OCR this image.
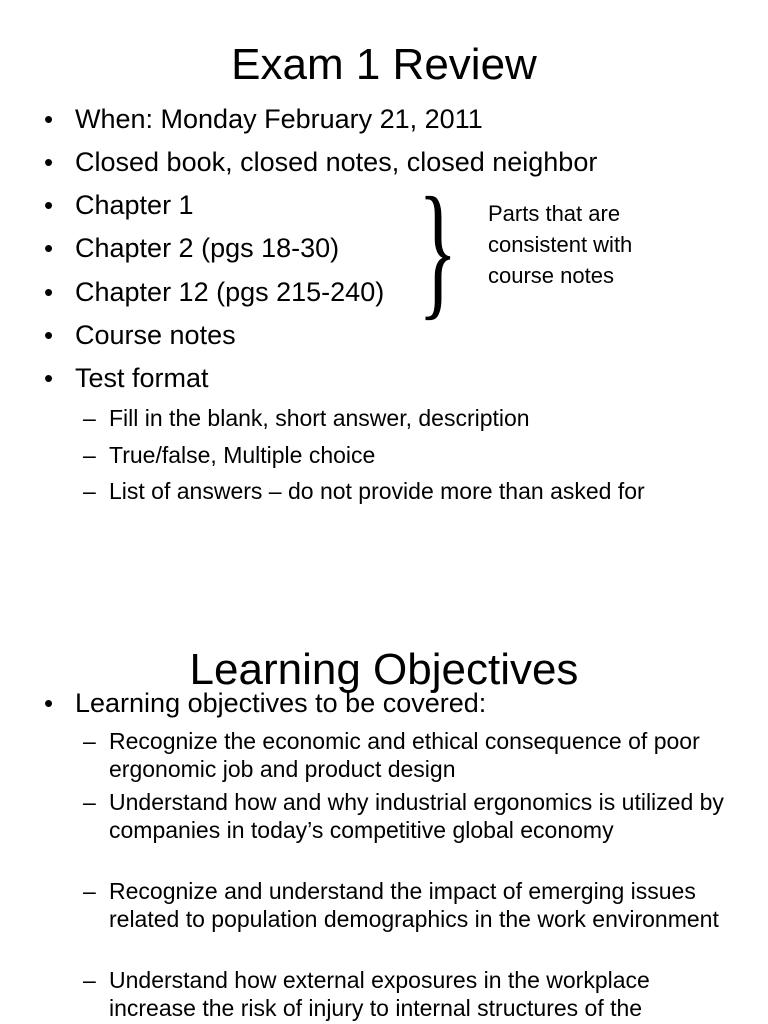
Exam 1 Review
• When: Monday February 21, 2011
• Closed book, closed notes, closed neighbor
• Chapter 1
• Chapter 2 (pgs 18-30)
• Chapter 12 (pgs 215-240)
• Course notes
• Test format
– Fill in the blank, short answer, description
– True/false, Multiple choice
– List of answers – do not provide more than asked for
} Parts that are consistent with course notes
Learning Objectives
• Learning objectives to be covered:
– Recognize the economic and ethical consequence of poor ergonomic job and product design
– Understand how and why industrial ergonomics is utilized by companies in today’s competitive global economy
– Recognize and understand the impact of emerging issues related to population demographics in the work environment
– Understand how external exposures in the workplace increase the risk of injury to internal structures of the
